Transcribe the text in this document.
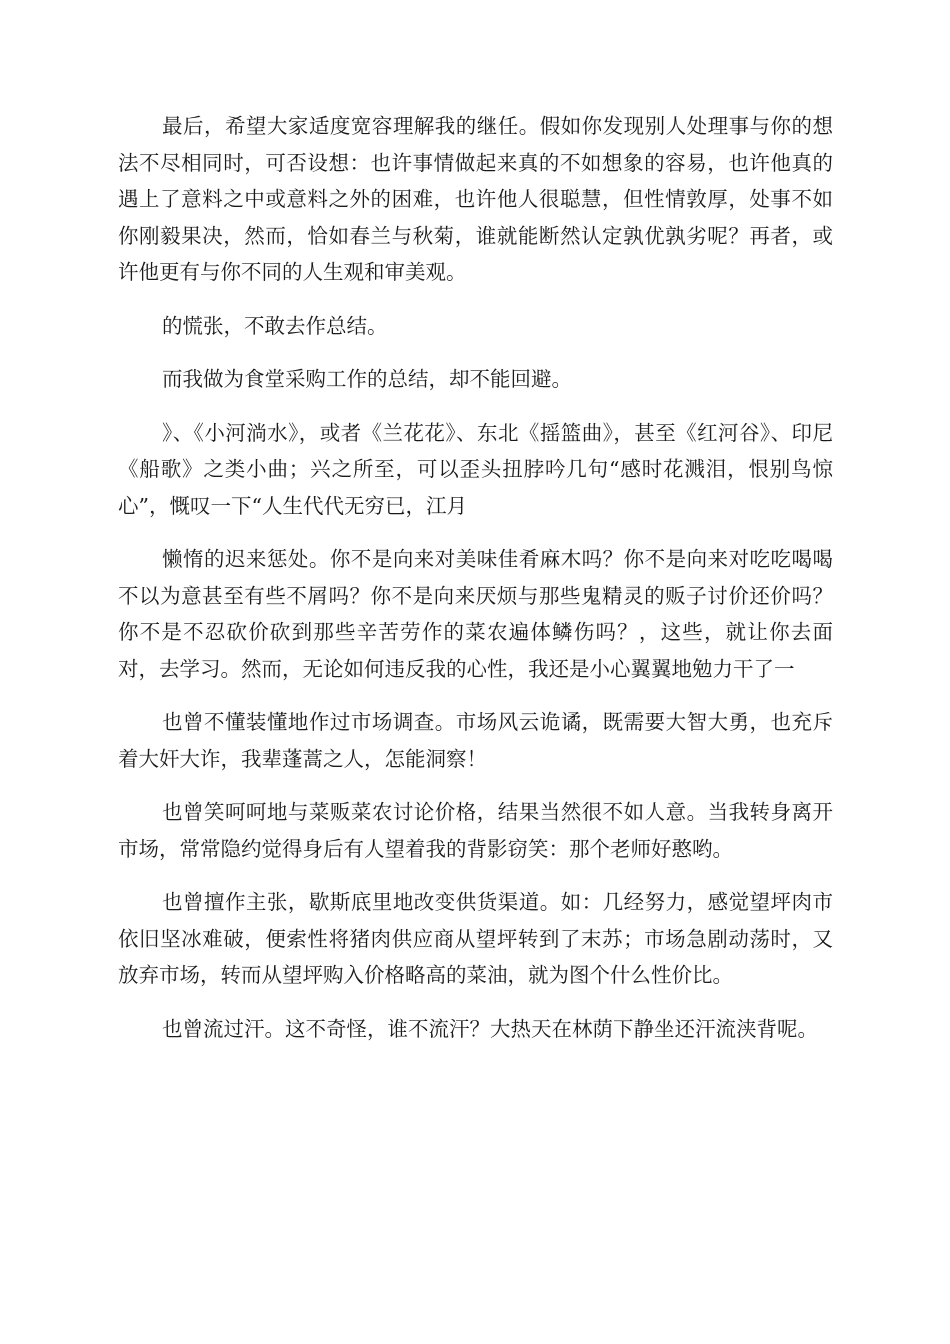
最后，希望大家适度宽容理解我的继任。假如你发现别人处理事与你的想法不尽相同时，可否设想：也许事情做起来真的不如想象的容易，也许他真的遇上了意料之中或意料之外的困难，也许他人很聪慧，但性情敦厚，处事不如你刚毅果决，然而，恰如春兰与秋菊，谁就能断然认定孰优孰劣呢？再者，或许他更有与你不同的人生观和审美观。

的慌张，不敢去作总结。

而我做为食堂采购工作的总结，却不能回避。

》、《小河淌水》，或者《兰花花》、东北《摇篮曲》，甚至《红河谷》、印尼《船歌》之类小曲；兴之所至，可以歪头扭脖吟几句“感时花溅泪，恨别鸟惊心”，慨叹一下“人生代代无穷已，江月

懒惰的迟来惩处。你不是向来对美味佳肴麻木吗？你不是向来对吃吃喝喝不以为意甚至有些不屑吗？你不是向来厌烦与那些鬼精灵的贩子讨价还价吗？你不是不忍砍价砍到那些辛苦劳作的菜农遍体鳞伤吗？，这些，就让你去面对，去学习。然而，无论如何违反我的心性，我还是小心翼翼地勉力干了一

也曾不懂装懂地作过市场调查。市场风云诡谲，既需要大智大勇，也充斥着大奸大诈，我辈蓬蒿之人，怎能洞察！

也曾笑呵呵地与菜贩菜农讨论价格，结果当然很不如人意。当我转身离开市场，常常隐约觉得身后有人望着我的背影窃笑：那个老师好憨哟。

也曾擅作主张，歇斯底里地改变供货渠道。如：几经努力，感觉望坪肉市依旧坚冰难破，便索性将猪肉供应商从望坪转到了末苏；市场急剧动荡时，又放弃市场，转而从望坪购入价格略高的菜油，就为图个什么性价比。

也曾流过汗。这不奇怪，谁不流汗？大热天在林荫下静坐还汗流浃背呢。
